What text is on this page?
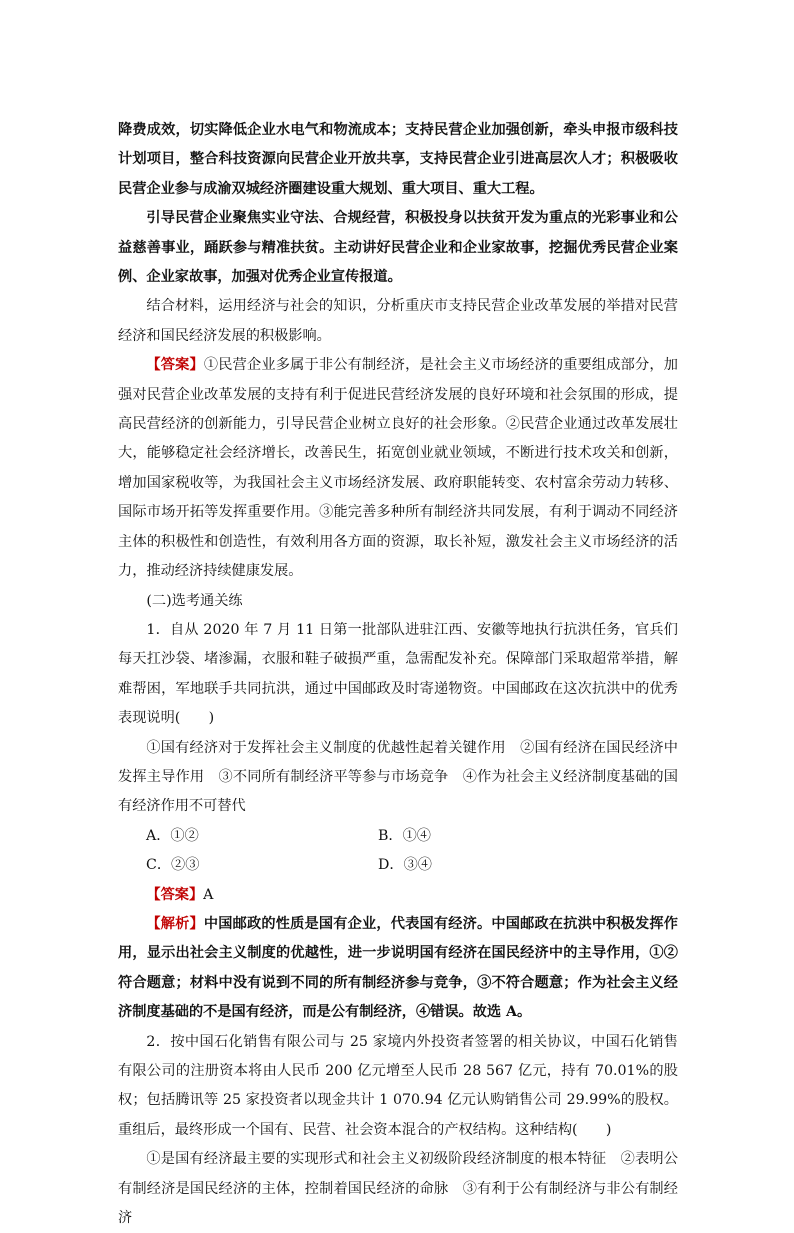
降费成效，切实降低企业水电气和物流成本；支持民营企业加强创新，牵头申报市级科技计划项目，整合科技资源向民营企业开放共享，支持民营企业引进高层次人才；积极吸收民营企业参与成渝双城经济圈建设重大规划、重大项目、重大工程。

引导民营企业聚焦实业守法、合规经营，积极投身以扶贫开发为重点的光彩事业和公益慈善事业，踊跃参与精准扶贫。主动讲好民营企业和企业家故事，挖掘优秀民营企业案例、企业家故事，加强对优秀企业宣传报道。

结合材料，运用经济与社会的知识，分析重庆市支持民营企业改革发展的举措对民营经济和国民经济发展的积极影响。

【答案】①民营企业多属于非公有制经济，是社会主义市场经济的重要组成部分，加强对民营企业改革发展的支持有利于促进民营经济发展的良好环境和社会氛围的形成，提高民营经济的创新能力，引导民营企业树立良好的社会形象。②民营企业通过改革发展壮大，能够稳定社会经济增长，改善民生，拓宽创业就业领域，不断进行技术攻关和创新，增加国家税收等，为我国社会主义市场经济发展、政府职能转变、农村富余劳动力转移、国际市场开拓等发挥重要作用。③能完善多种所有制经济共同发展，有利于调动不同经济主体的积极性和创造性，有效利用各方面的资源，取长补短，激发社会主义市场经济的活力，推动经济持续健康发展。

(二)选考通关练

1．自从 2020 年 7 月 11 日第一批部队进驻江西、安徽等地执行抗洪任务，官兵们每天扛沙袋、堵渗漏，衣服和鞋子破损严重，急需配发补充。保障部门采取超常举措，解难帮困，军地联手共同抗洪，通过中国邮政及时寄递物资。中国邮政在这次抗洪中的优秀表现说明(　　)

①国有经济对于发挥社会主义制度的优越性起着关键作用　②国有经济在国民经济中发挥主导作用　③不同所有制经济平等参与市场竞争　④作为社会主义经济制度基础的国有经济作用不可替代

A．①②	B．①④
C．②③	D．③④

【答案】A

【解析】中国邮政的性质是国有企业，代表国有经济。中国邮政在抗洪中积极发挥作用，显示出社会主义制度的优越性，进一步说明国有经济在国民经济中的主导作用，①②符合题意；材料中没有说到不同的所有制经济参与竞争，③不符合题意；作为社会主义经济制度基础的不是国有经济，而是公有制经济，④错误。故选 A。

2．按中国石化销售有限公司与 25 家境内外投资者签署的相关协议，中国石化销售有限公司的注册资本将由人民币 200 亿元增至人民币 28 567 亿元，持有 70.01%的股权；包括腾讯等 25 家投资者以现金共计 1 070.94 亿元认购销售公司 29.99%的股权。重组后，最终形成一个国有、民营、社会资本混合的产权结构。这种结构(　　)

①是国有经济最主要的实现形式和社会主义初级阶段经济制度的根本特征　②表明公有制经济是国民经济的主体，控制着国民经济的命脉　③有利于公有制经济与非公有制经济
